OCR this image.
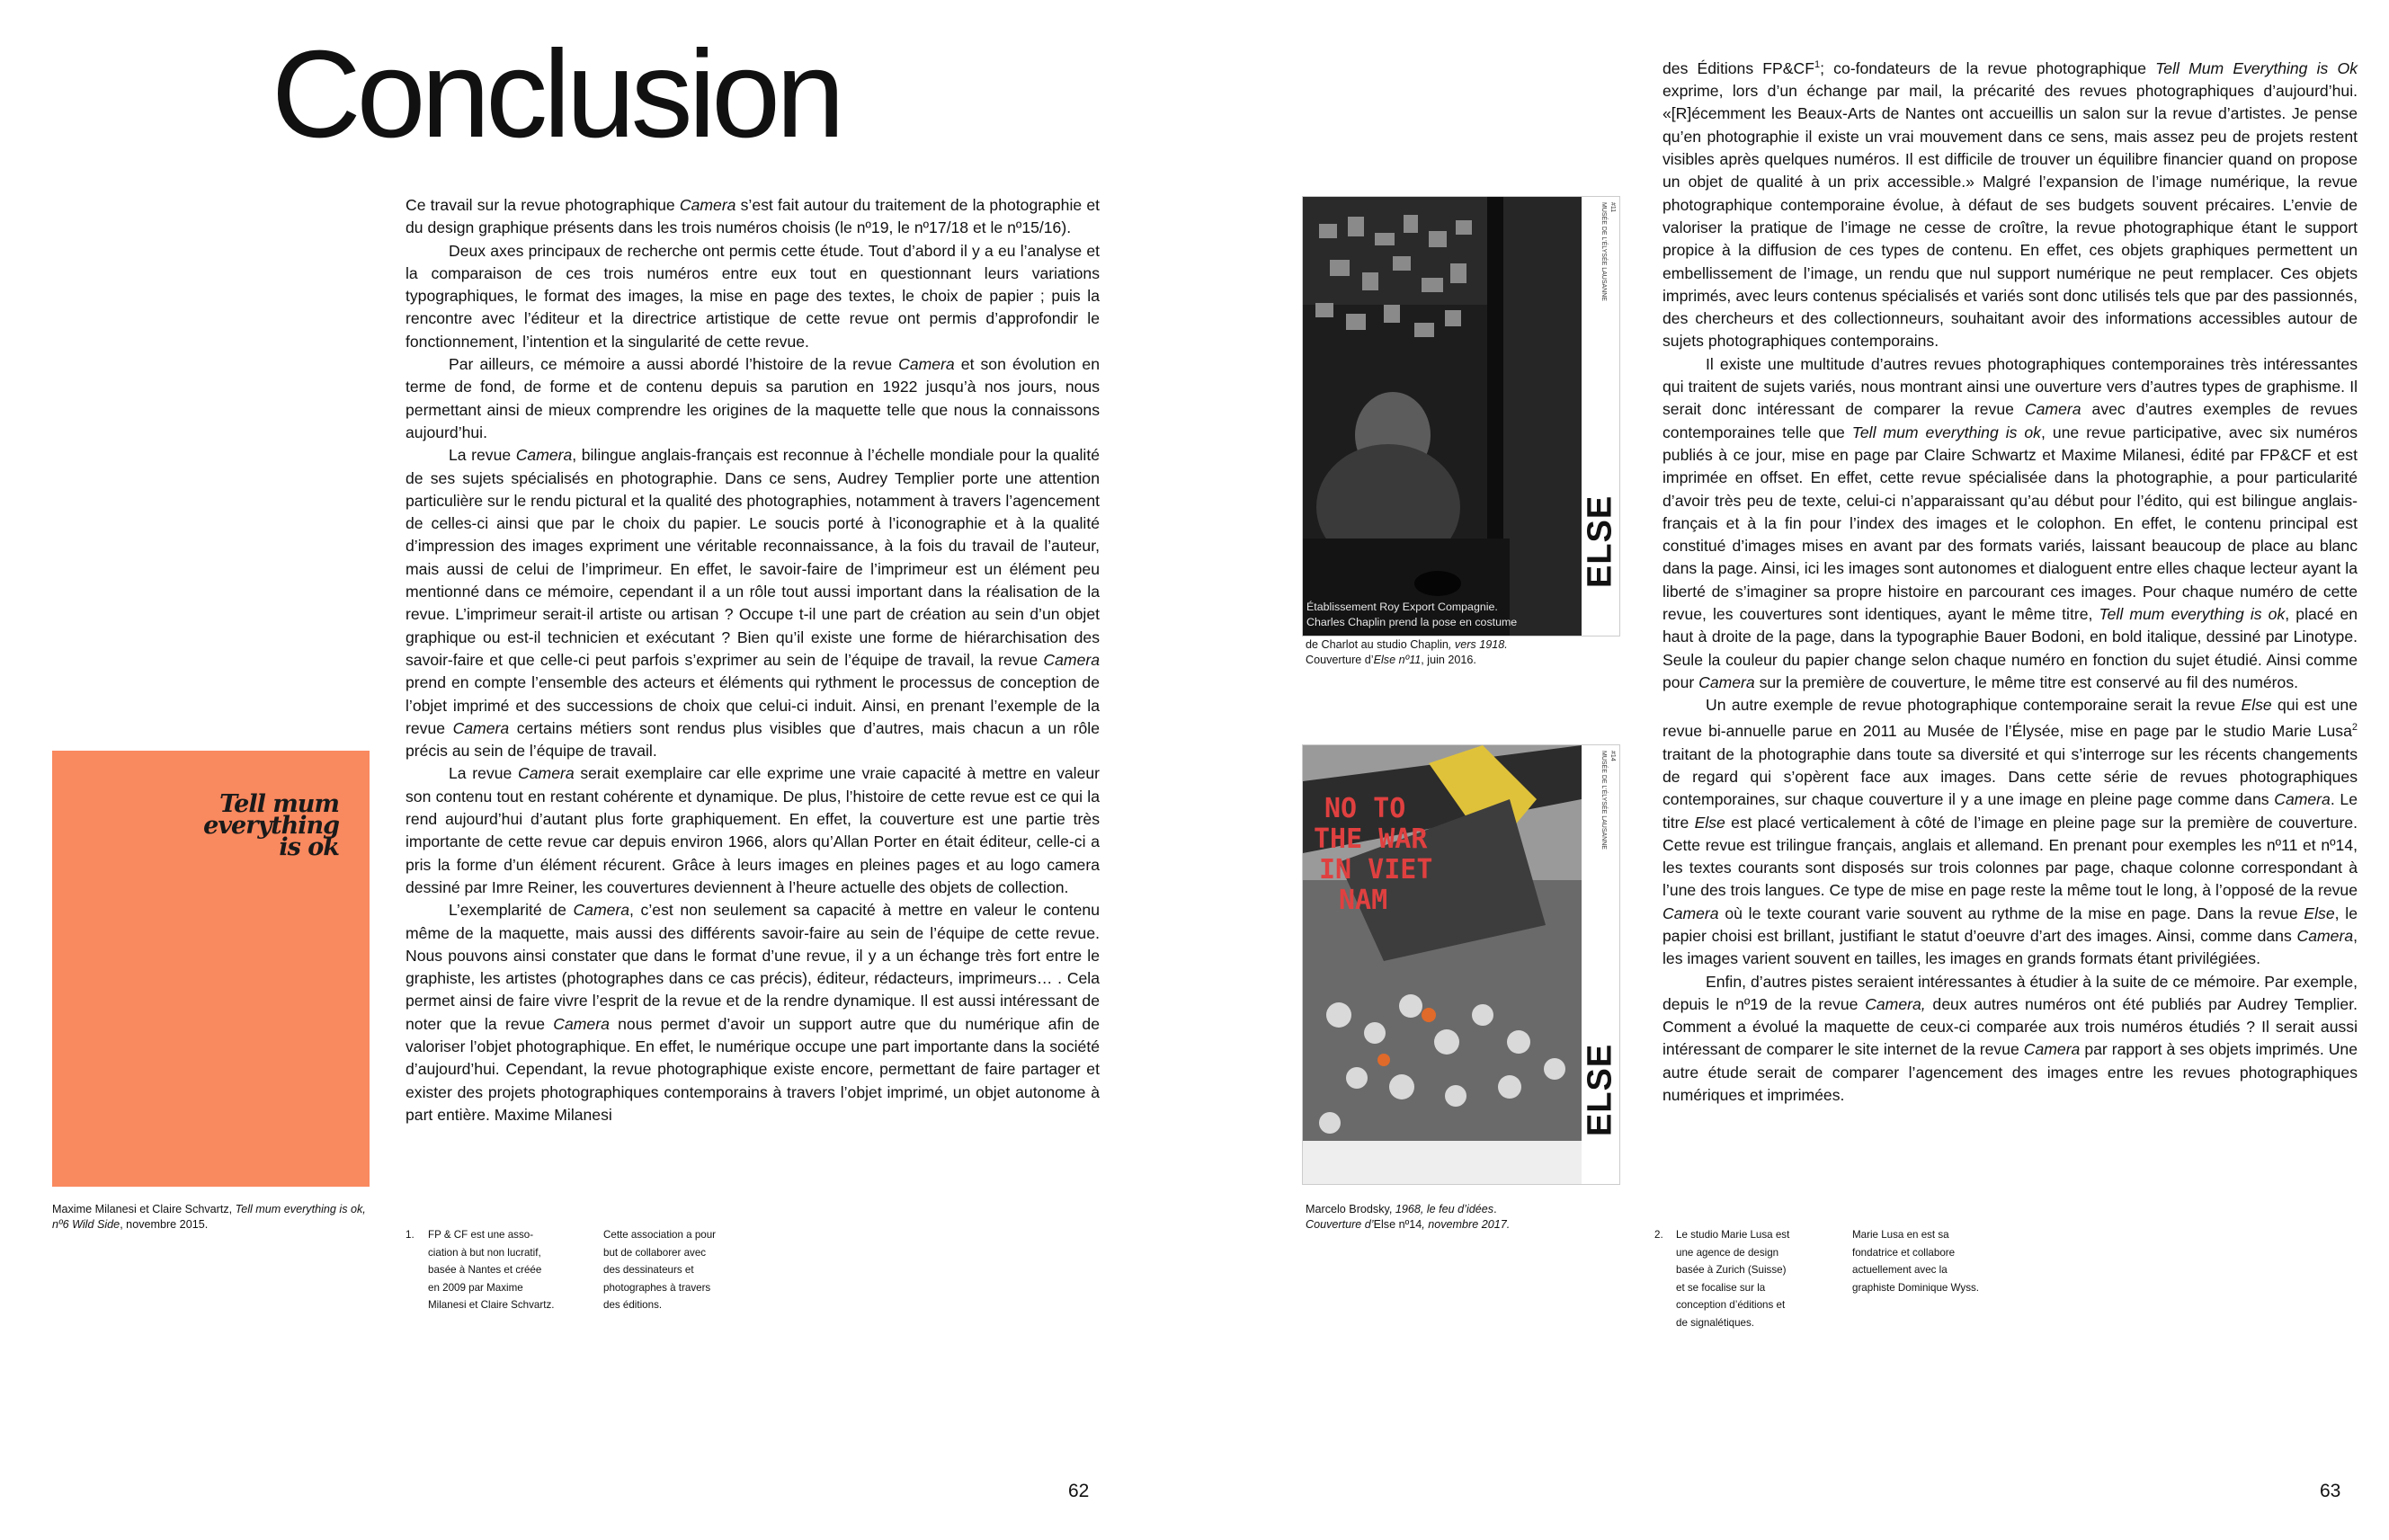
Conclusion

Ce travail sur la revue photographique Camera s’est fait autour du traitement de la photographie et du design graphique présents dans les trois numéros choisis (le nº19, le nº17/18 et le nº15/16).

Deux axes principaux de recherche ont permis cette étude. Tout d’abord il y a eu l’analyse et la comparaison de ces trois numéros entre eux tout en questionnant leurs variations typographiques, le format des images, la mise en page des textes, le choix de papier ; puis la rencontre avec l’éditeur et la directrice artistique de cette revue ont permis d’approfondir le fonctionnement, l’intention et la singularité de cette revue.

Par ailleurs, ce mémoire a aussi abordé l’histoire de la revue Camera et son évolution en terme de fond, de forme et de contenu depuis sa parution en 1922 jusqu’à nos jours, nous permettant ainsi de mieux comprendre les origines de la maquette telle que nous la connaissons aujourd’hui.

La revue Camera, bilingue anglais-français est reconnue à l’échelle mondiale pour la qualité de ses sujets spécialisés en photographie. Dans ce sens, Audrey Templier porte une attention particulière sur le rendu pictural et la qualité des photographies, notamment à travers l’agencement de celles-ci ainsi que par le choix du papier. Le soucis porté à l’iconographie et à la qualité d’impression des images expriment une véritable reconnaissance, à la fois du travail de l’auteur, mais aussi de celui de l’imprimeur. En effet, le savoir-faire de l’imprimeur est un élément peu mentionné dans ce mémoire, cependant il a un rôle tout aussi important dans la réalisation de la revue. L’imprimeur serait-il artiste ou artisan ? Occupe t-il une part de création au sein d’un objet graphique ou est-il technicien et exécutant ? Bien qu’il existe une forme de hiérarchisation des savoir-faire et que celle-ci peut parfois s’exprimer au sein de l’équipe de travail, la revue Camera prend en compte l’ensemble des acteurs et éléments qui rythment le processus de conception de l’objet imprimé et des successions de choix que celui-ci induit. Ainsi, en prenant l’exemple de la revue Camera certains métiers sont rendus plus visibles que d’autres, mais chacun a un rôle précis au sein de l’équipe de travail.

La revue Camera serait exemplaire car elle exprime une vraie capacité à mettre en valeur son contenu tout en restant cohérente et dynamique. De plus, l’histoire de cette revue est ce qui la rend aujourd’hui d’autant plus forte graphiquement. En effet, la couverture est une partie très importante de cette revue car depuis environ 1966, alors qu’Allan Porter en était éditeur, celle-ci a pris la forme d’un élément récurent. Grâce à leurs images en pleines pages et au logo camera dessiné par Imre Reiner, les couvertures deviennent à l’heure actuelle des objets de collection.

L’exemplarité de Camera, c’est non seulement sa capacité à mettre en valeur le contenu même de la maquette, mais aussi des différents savoir-faire au sein de l’équipe de cette revue. Nous pouvons ainsi constater que dans le format d’une revue, il y a un échange très fort entre le graphiste, les artistes (photographes dans ce cas précis), éditeur, rédacteurs, imprimeurs… . Cela permet ainsi de faire vivre l’esprit de la revue et de la rendre dynamique. Il est aussi intéressant de noter que la revue Camera nous permet d’avoir un support autre que du numérique afin de valoriser l’objet photographique. En effet, le numérique occupe une part importante dans la société d’aujourd’hui. Cependant, la revue photographique existe encore, permettant de faire partager et exister des projets photographiques contemporains à travers l’objet imprimé, un objet autonome à part entière. Maxime Milanesi

des Éditions $FP\&CF^1$; co-fondateurs de la revue photographique Tell Mum Everything is Ok exprime, lors d’un échange par mail, la précarité des revues photographiques d’aujourd’hui. «[R]écemment les Beaux-Arts de Nantes ont accueillis un salon sur la revue d’artistes. Je pense qu’en photographie il existe un vrai mouvement dans ce sens, mais assez peu de projets restent visibles après quelques numéros. Il est difficile de trouver un équilibre financier quand on propose un objet de qualité à un prix accessible.» Malgré l’expansion de l’image numérique, la revue photographique contemporaine évolue, à défaut de ses budgets souvent précaires. L’envie de valoriser la pratique de l’image ne cesse de croître, la revue photographique étant le support propice à la diffusion de ces types de contenu. En effet, ces objets graphiques permettent un embellissement de l’image, un rendu que nul support numérique ne peut remplacer. Ces objets imprimés, avec leurs contenus spécialisés et variés sont donc utilisés tels que par des passionnés, des chercheurs et des collectionneurs, souhaitant avoir des informations accessibles autour de sujets photographiques contemporains.

Il existe une multitude d’autres revues photographiques contemporaines très intéressantes qui traitent de sujets variés, nous montrant ainsi une ouverture vers d’autres types de graphisme. Il serait donc intéressant de comparer la revue Camera avec d’autres exemples de revues contemporaines telle que Tell mum everything is ok, une revue participative, avec six numéros publiés à ce jour, mise en page par Claire Schwartz et Maxime Milanesi, édité par FP&CF et est imprimée en offset. En effet, cette revue spécialisée dans la photographie, a pour particularité d’avoir très peu de texte, celui-ci n’apparaissant qu’au début pour l’édito, qui est bilingue anglais-français et à la fin pour l’index des images et le colophon. En effet, le contenu principal est constitué d’images mises en avant par des formats variés, laissant beaucoup de place au blanc dans la page. Ainsi, ici les images sont autonomes et dialoguent entre elles chaque lecteur ayant la liberté de s’imaginer sa propre histoire en parcourant ces images. Pour chaque numéro de cette revue, les couvertures sont identiques, ayant le même titre, Tell mum everything is ok, placé en haut à droite de la page, dans la typographie Bauer Bodoni, en bold italique, dessiné par Linotype. Seule la couleur du papier change selon chaque numéro en fonction du sujet étudié. Ainsi comme pour Camera sur la première de couverture, le même titre est conservé au fil des numéros.

Un autre exemple de revue photographique contemporaine serait la revue Else qui est une revue bi-annuelle parue en 2011 au Musée de l’Élysée, mise en page par le studio Marie Lusa$^2$ traitant de la photographie dans toute sa diversité et qui s’interroge sur les récents changements de regard qui s’opèrent face aux images. Dans cette série de revues photographiques contemporaines, sur chaque couverture il y a une image en pleine page comme dans Camera. Le titre Else est placé verticalement à côté de l’image en pleine page sur la première de couverture. Cette revue est trilingue français, anglais et allemand. En prenant pour exemples les nº11 et nº14, les textes courants sont disposés sur trois colonnes par page, chaque colonne correspondant à l’une des trois langues. Ce type de mise en page reste la même tout le long, à l’opposé de la revue Camera où le texte courant varie souvent au rythme de la mise en page. Dans la revue Else, le papier choisi est brillant, justifiant le statut d’oeuvre d’art des images. Ainsi, comme dans Camera, les images varient souvent en tailles, les images en grands formats étant privilégiées.

Enfin, d’autres pistes seraient intéressantes à étudier à la suite de ce mémoire. Par exemple, depuis le nº19 de la revue Camera, deux autres numéros ont été publiés par Audrey Templier. Comment a évolué la maquette de ceux-ci comparée aux trois numéros étudiés ? Il serait aussi intéressant de comparer le site internet de la revue Camera par rapport à ses objets imprimés. Une autre étude serait de comparer l’agencement des images entre les revues photographiques numériques et imprimées.

Tell mum
everything
is ok
Maxime Milanesi et Claire Schvartz, Tell mum everything is ok,
nº6 Wild Side, novembre 2015.
Établissement Roy Export Compagnie.
Charles Chaplin prend la pose en costume
ELSE
#11
MUSÉE DE L’ÉLYSÉE LAUSANNE
de Charlot au studio Chaplin, vers 1918.
Couverture d’Else nº11, juin 2016.
NO TO
THE WAR
IN VIET
NAM
ELSE
#14
MUSÉE DE L’ÉLYSÉE LAUSANNE
Marcelo Brodsky, 1968, le feu d’idées.
Couverture d’Else nº14, novembre 2017.
1.	FP & CF est une asso-
ciation à but non lucratif,
basée à Nantes et créée
en 2009 par Maxime
Milanesi et Claire Schvartz.
Cette association a pour
but de collaborer avec
des dessinateurs et
photographes à travers
des éditions.
2.	Le studio Marie Lusa est
une agence de design
basée à Zurich (Suisse)
et se focalise sur la
conception d’éditions et
de signalétiques.
Marie Lusa en est sa
fondatrice et collabore
actuellement avec la
graphiste Dominique Wyss.
62	63
